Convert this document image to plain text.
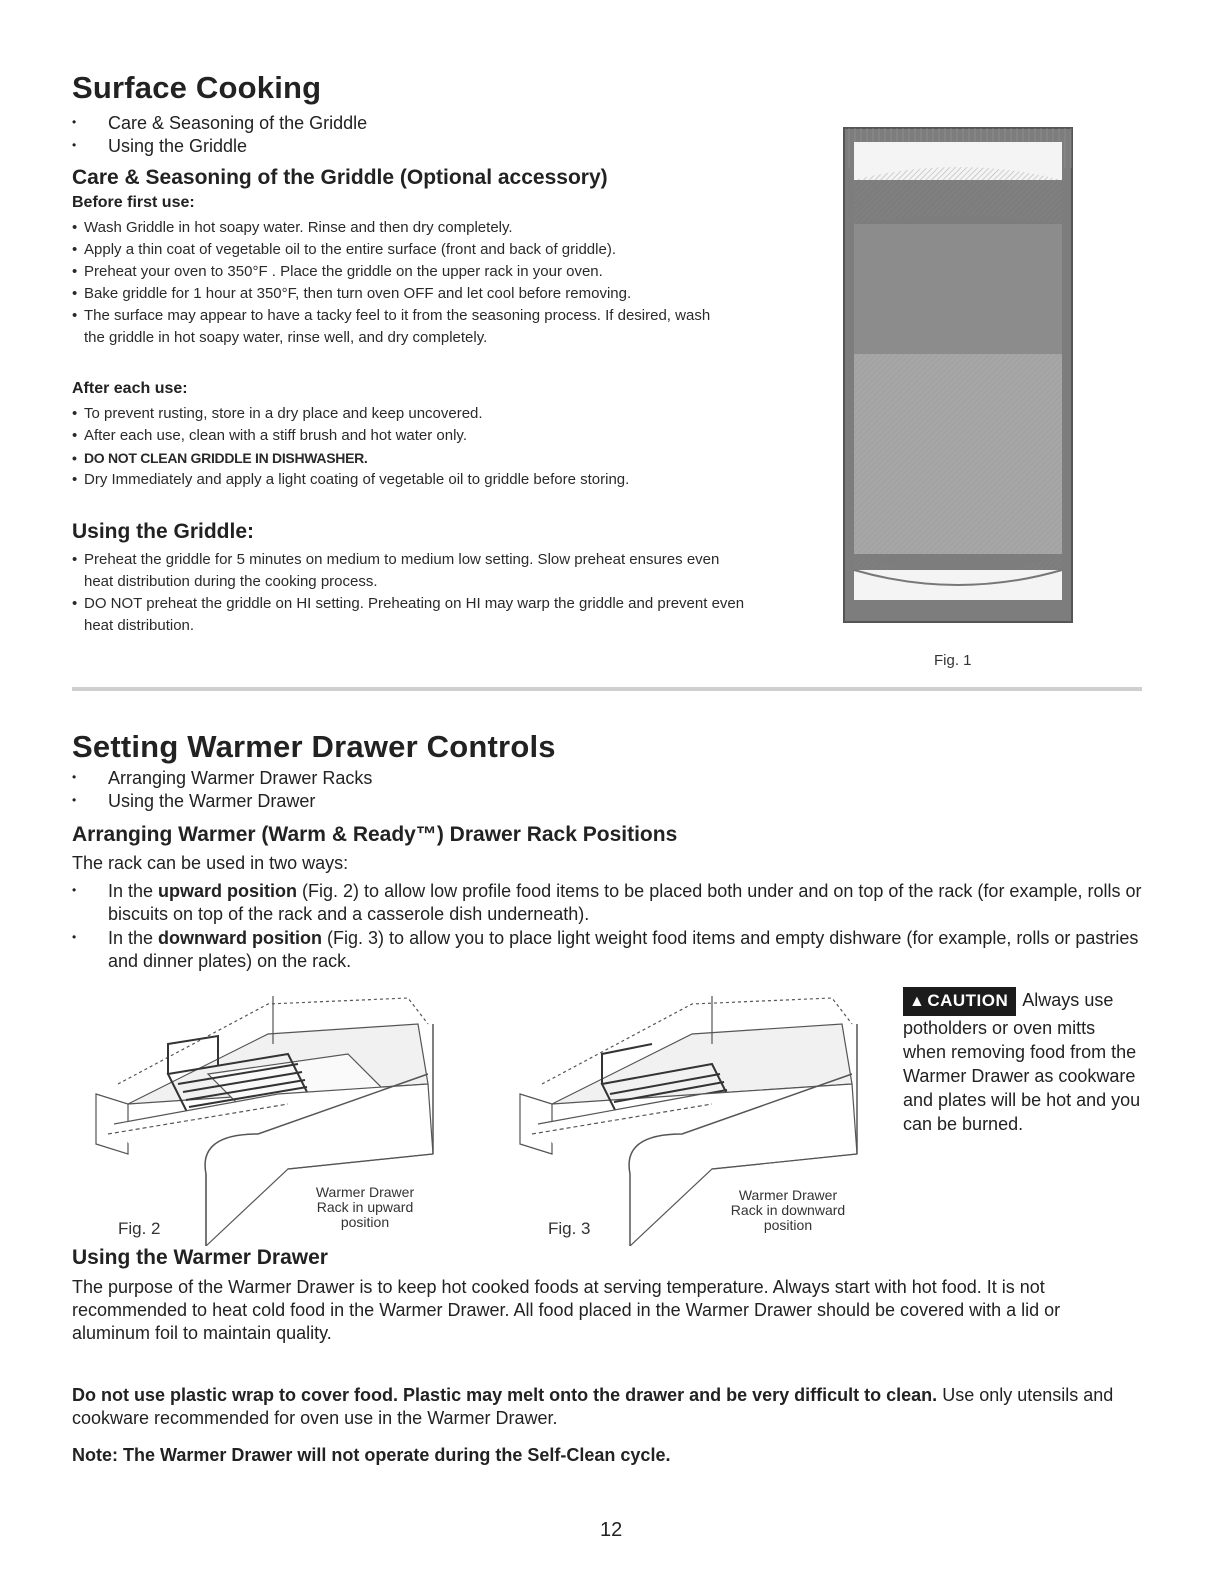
Surface Cooking
• Care & Seasoning of the Griddle
• Using the Griddle
Care & Seasoning of the Griddle (Optional accessory)
Before first use:
• Wash Griddle in hot soapy water. Rinse and then dry completely.
• Apply a thin coat of vegetable oil to the entire surface (front and back of griddle).
• Preheat your oven to 350°F . Place the griddle on the upper rack in your oven.
• Bake griddle for 1 hour at 350°F, then turn oven OFF and let cool before removing.
• The surface may appear to have a tacky feel to it from the seasoning process. If desired, wash the griddle in hot soapy water, rinse well, and dry completely.
After each use:
• To prevent rusting, store in a dry place and keep uncovered.
• After each use, clean with a stiff brush and hot water only.
• DO NOT CLEAN GRIDDLE IN DISHWASHER.
• Dry Immediately and apply a light coating of vegetable oil to griddle before storing.
Using the Griddle:
• Preheat the griddle for 5 minutes on medium to medium low setting. Slow preheat ensures even heat distribution during the cooking process.
• DO NOT preheat the griddle on HI setting. Preheating on HI may warp the griddle and prevent even heat distribution.
Fig. 1
Setting Warmer Drawer Controls
• Arranging Warmer Drawer Racks
• Using the Warmer Drawer
Arranging Warmer (Warm & Ready™) Drawer Rack Positions

The rack can be used in two ways:

• In the upward position (Fig. 2) to allow low profile food items to be placed both under and on top of the rack (for example, rolls or biscuits on top of the rack and a casserole dish underneath).
• In the downward position (Fig. 3) to allow you to place light weight food items and empty dishware (for example, rolls or pastries and dinner plates) on the rack.
Warmer Drawer
Rack in upward
position
Fig. 2
Warmer Drawer
Rack in downward
position
Fig. 3
▲ CAUTION Always use potholders or oven mitts when removing food from the Warmer Drawer as cookware and plates will be hot and you can be burned.
Using the Warmer Drawer

The purpose of the Warmer Drawer is to keep hot cooked foods at serving temperature. Always start with hot food. It is not recommended to heat cold food in the Warmer Drawer. All food placed in the Warmer Drawer should be covered with a lid or aluminum foil to maintain quality.

Do not use plastic wrap to cover food. Plastic may melt onto the drawer and be very difficult to clean. Use only utensils and cookware recommended for oven use in the Warmer Drawer.

Note: The Warmer Drawer will not operate during the Self-Clean cycle.

12
